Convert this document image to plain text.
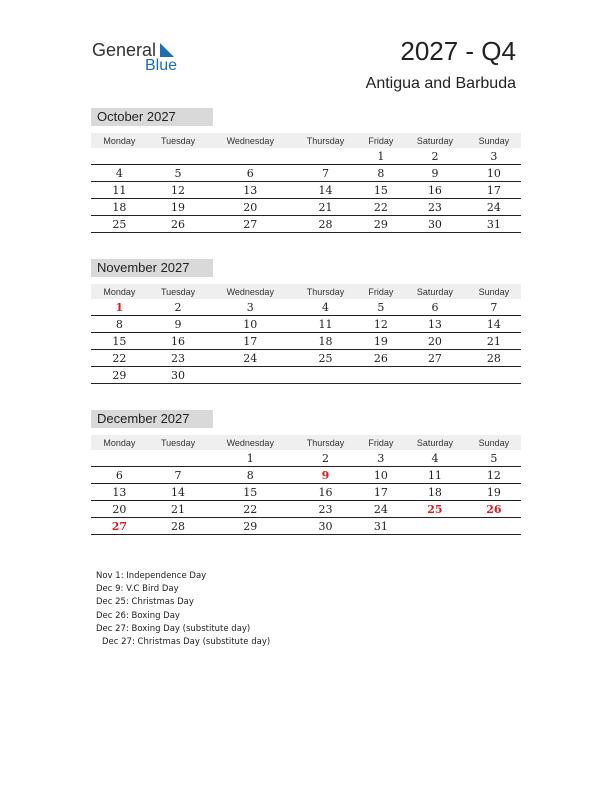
General
Blue	2027 - Q4
Antigua and Barbuda
October 2027
Monday	Tuesday	Wednesday	Thursday	Friday	Saturday	Sunday
				1	2	3
4	5	6	7	8	9	10
11	12	13	14	15	16	17
18	19	20	21	22	23	24
25	26	27	28	29	30	31
November 2027
Monday	Tuesday	Wednesday	Thursday	Friday	Saturday	Sunday
1	2	3	4	5	6	7
8	9	10	11	12	13	14
15	16	17	18	19	20	21
22	23	24	25	26	27	28
29	30					
December 2027
Monday	Tuesday	Wednesday	Thursday	Friday	Saturday	Sunday
		1	2	3	4	5
6	7	8	9	10	11	12
13	14	15	16	17	18	19
20	21	22	23	24	25	26
27	28	29	30	31		
Nov 1: Independence Day
Dec 9: V.C Bird Day
Dec 25: Christmas Day
Dec 26: Boxing Day
Dec 27: Boxing Day (substitute day)
Dec 27: Christmas Day (substitute day)
